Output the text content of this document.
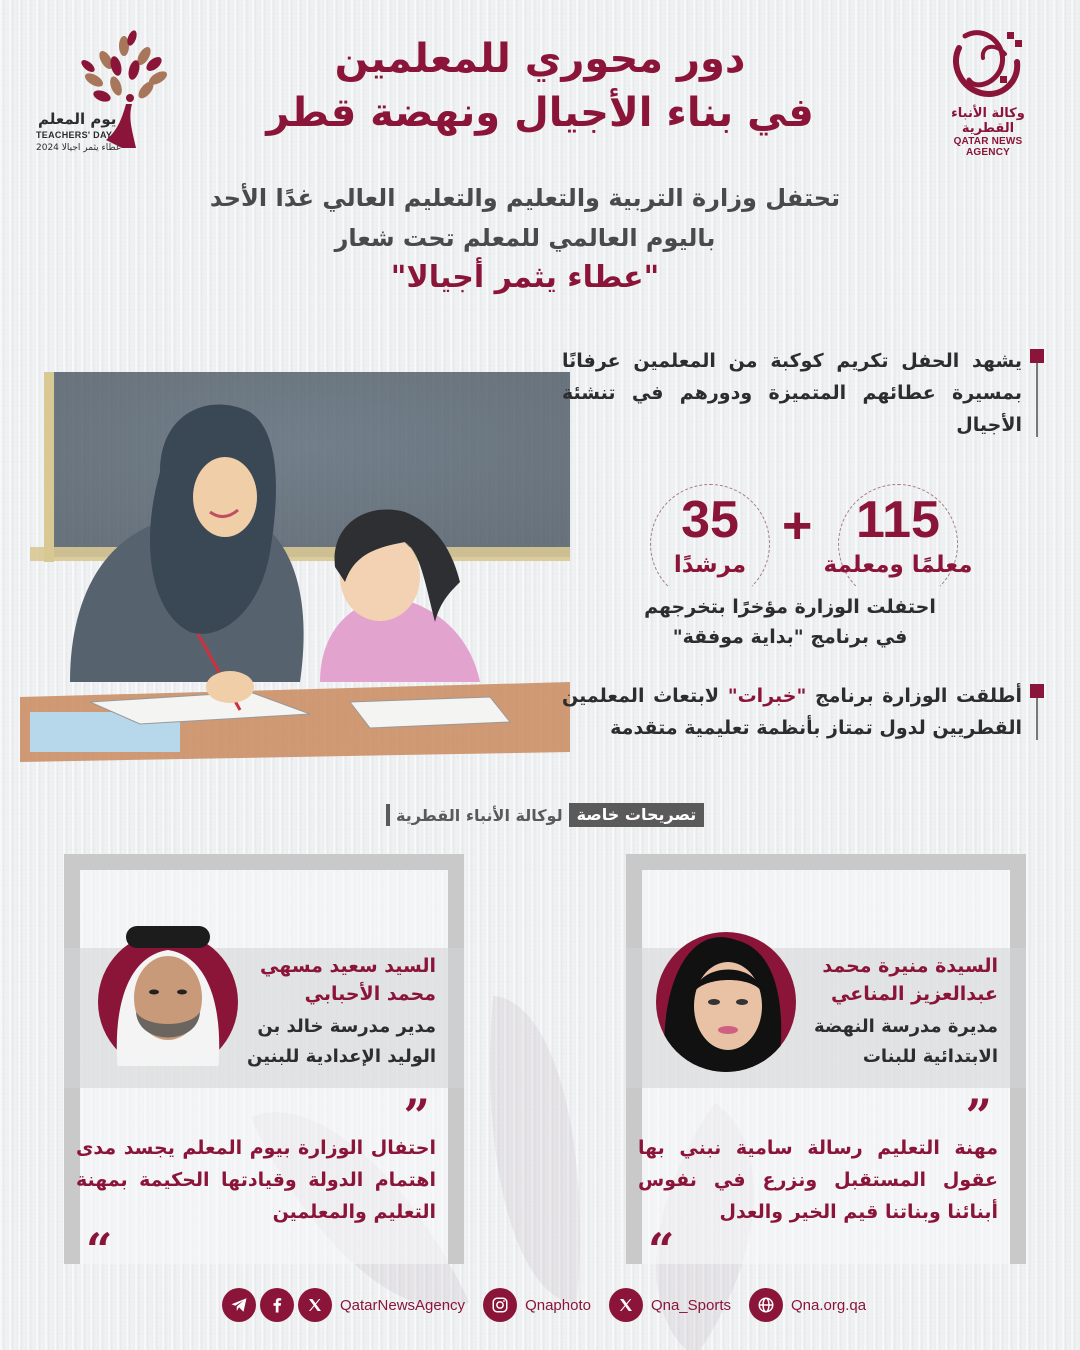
وكالة الأنباء القطرية
QATAR NEWS AGENCY
يوم المعلم
TEACHERS' DAY
2024 عطاء يثمر اجيالا
دور محوري للمعلمين
في بناء الأجيال ونهضة قطر
تحتفل وزارة التربية والتعليم والتعليم العالي غدًا الأحد
باليوم العالمي للمعلم تحت شعار
"عطاء يثمر أجيالا"
يشهد الحفل تكريم كوكبة من المعلمين عرفانًا بمسيرة عطائهم المتميزة ودورهم في تنشئة الأجيال
115
معلمًا ومعلمة
+
35
مرشدًا
احتفلت الوزارة مؤخرًا بتخرجهم
في برنامج "بداية موفقة"
أطلقت الوزارة برنامج "خبرات" لابتعاث المعلمين القطريين لدول تمتاز بأنظمة تعليمية متقدمة
تصريحات خاصة
لوكالة الأنباء القطرية
السيدة منيرة محمد
عبدالعزيز المناعي
مديرة مدرسة النهضة
الابتدائية للبنات
”
مهنة التعليم رسالة سامية نبني بها عقول المستقبل ونزرع في نفوس أبنائنا وبناتنا قيم الخير والعدل
“
السيد سعيد مسهي
محمد الأحبابي
مدير مدرسة خالد بن
الوليد الإعدادية للبنين
”
احتفال الوزارة بيوم المعلم يجسد مدى اهتمام الدولة وقيادتها الحكيمة بمهنة التعليم والمعلمين
“
QatarNewsAgency	Qnaphoto	Qna_Sports	Qna.org.qa
